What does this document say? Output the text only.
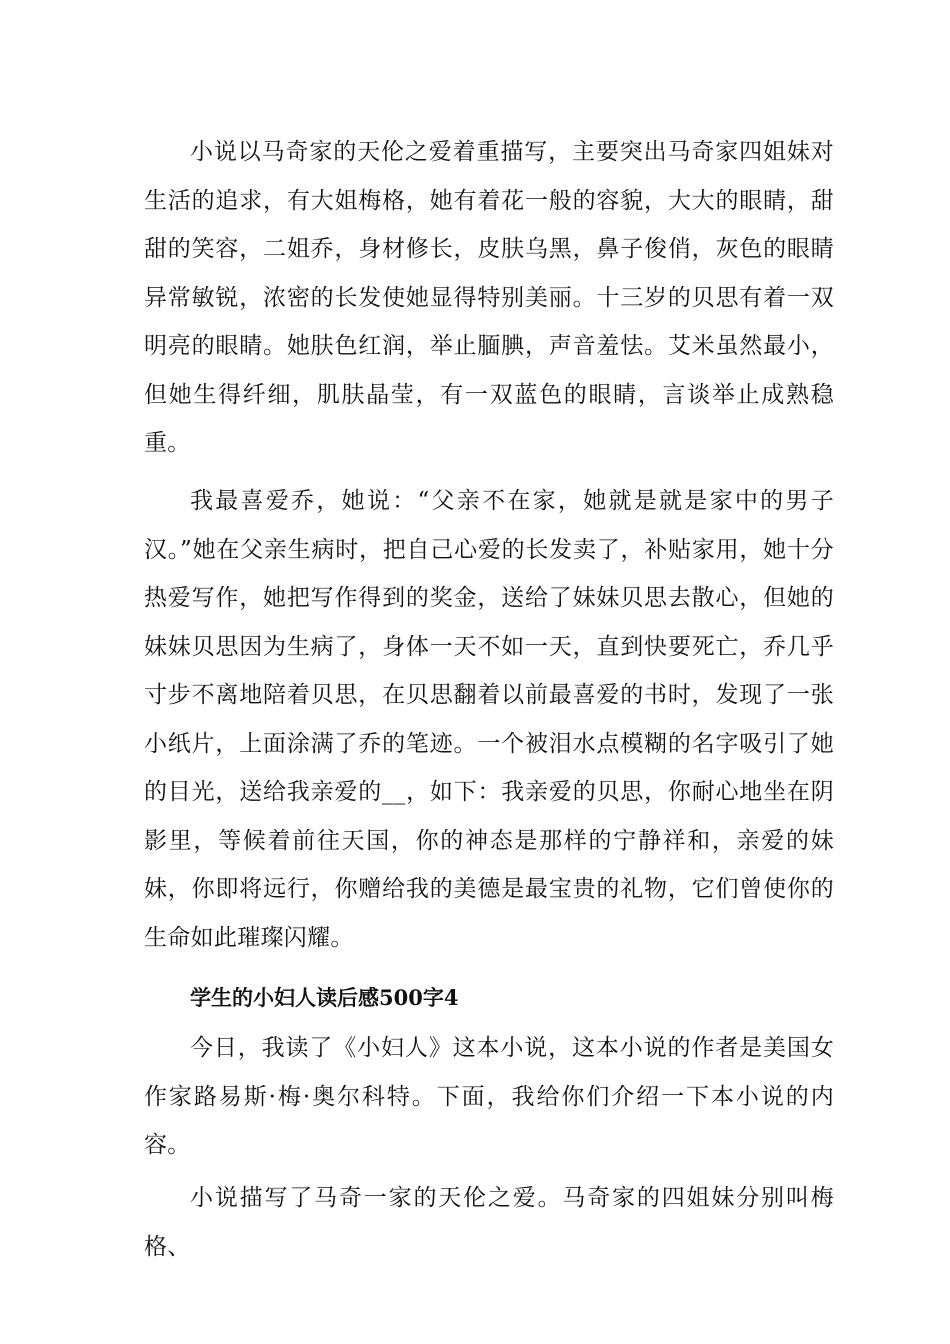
小说以马奇家的天伦之爱着重描写，主要突出马奇家四姐妹对生活的追求，有大姐梅格，她有着花一般的容貌，大大的眼睛，甜甜的笑容，二姐乔，身材修长，皮肤乌黑，鼻子俊俏，灰色的眼睛异常敏锐，浓密的长发使她显得特别美丽。十三岁的贝思有着一双明亮的眼睛。她肤色红润，举止腼腆，声音羞怯。艾米虽然最小，但她生得纤细，肌肤晶莹，有一双蓝色的眼睛，言谈举止成熟稳重。

我最喜爱乔，她说：“父亲不在家，她就是就是家中的男子汉。”她在父亲生病时，把自己心爱的长发卖了，补贴家用，她十分热爱写作，她把写作得到的奖金，送给了妹妹贝思去散心，但她的妹妹贝思因为生病了，身体一天不如一天，直到快要死亡，乔几乎寸步不离地陪着贝思，在贝思翻着以前最喜爱的书时，发现了一张小纸片，上面涂满了乔的笔迹。一个被泪水点模糊的名字吸引了她的目光，送给我亲爱的__，如下：我亲爱的贝思，你耐心地坐在阴影里，等候着前往天国，你的神态是那样的宁静祥和，亲爱的妹妹，你即将远行，你赠给我的美德是最宝贵的礼物，它们曾使你的生命如此璀璨闪耀。

学生的小妇人读后感500字4

今日，我读了《小妇人》这本小说，这本小说的作者是美国女作家路易斯·梅·奥尔科特。下面，我给你们介绍一下本小说的内容。

小说描写了马奇一家的天伦之爱。马奇家的四姐妹分别叫梅格、
